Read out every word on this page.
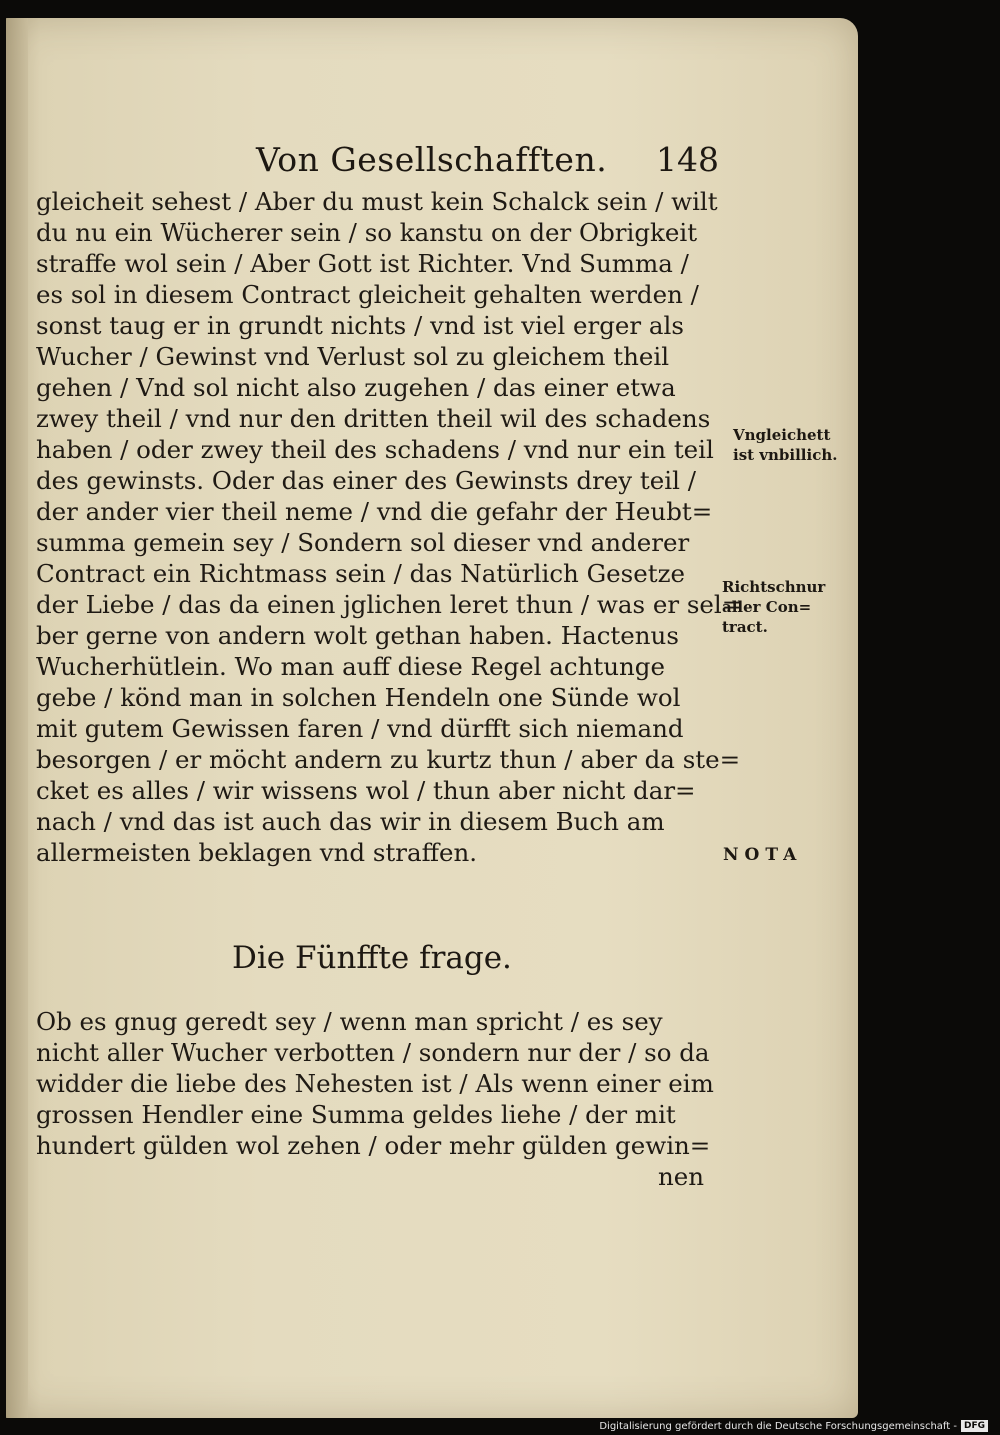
Von Gesellschafften. 148
gleicheit sehest / Aber du must kein Schalck sein / wilt
du nu ein Wücherer sein / so kanstu on der Obrigkeit
straffe wol sein / Aber Gott ist Richter. Vnd Summa /
es sol in diesem Contract gleicheit gehalten werden /
sonst taug er in grundt nichts / vnd ist viel erger als
Wucher / Gewinst vnd Verlust sol zu gleichem theil
gehen / Vnd sol nicht also zugehen / das einer etwa
zwey theil / vnd nur den dritten theil wil des schadens
haben / oder zwey theil des schadens / vnd nur ein teil
des gewinsts. Oder das einer des Gewinsts drey teil /
der ander vier theil neme / vnd die gefahr der Heubt=
summa gemein sey / Sondern sol dieser vnd anderer
Contract ein Richtmass sein / das Natürlich Gesetze
der Liebe / das da einen jglichen leret thun / was er sel=
ber gerne von andern wolt gethan haben. Hactenus
Wucherhütlein. Wo man auff diese Regel achtunge
gebe / könd man in solchen Hendeln one Sünde wol
mit gutem Gewissen faren / vnd dürfft sich niemand
besorgen / er möcht andern zu kurtz thun / aber da ste=
cket es alles / wir wissens wol / thun aber nicht dar=
nach / vnd das ist auch das wir in diesem Buch am
allermeisten beklagen vnd straffen.
Die Fünffte frage.
Ob es gnug geredt sey / wenn man spricht / es sey
nicht aller Wucher verbotten / sondern nur der / so da
widder die liebe des Nehesten ist / Als wenn einer eim
grossen Hendler eine Summa geldes liehe / der mit
hundert gülden wol zehen / oder mehr gülden gewin=
nen
Vngleichett
ist vnbillich.
Richtschnur
aller Con=
tract.
NOTA
Digitalisierung gefördert durch die Deutsche Forschungsgemeinschaft - DFG
